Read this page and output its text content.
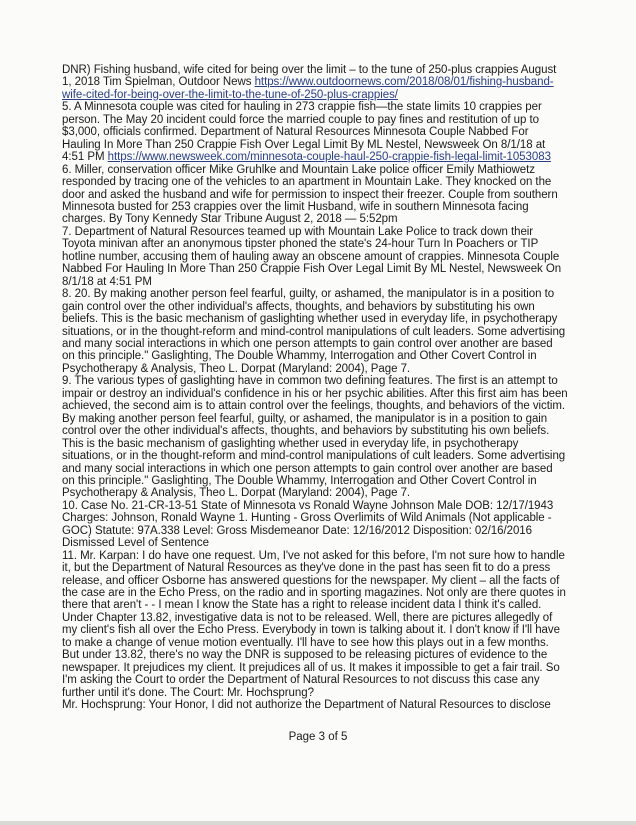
DNR) Fishing husband, wife cited for being over the limit – to the tune of 250-plus crappies August 1, 2018 Tim Spielman, Outdoor News https://www.outdoornews.com/2018/08/01/fishing-husband-wife-cited-for-being-over-the-limit-to-the-tune-of-250-plus-crappies/

5. A Minnesota couple was cited for hauling in 273 crappie fish—the state limits 10 crappies per person. The May 20 incident could force the married couple to pay fines and restitution of up to $3,000, officials confirmed. Department of Natural Resources Minnesota Couple Nabbed For Hauling In More Than 250 Crappie Fish Over Legal Limit By ML Nestel, Newsweek On 8/1/18 at 4:51 PM https://www.newsweek.com/minnesota-couple-haul-250-crappie-fish-legal-limit-1053083

6. Miller, conservation officer Mike Gruhlke and Mountain Lake police officer Emily Mathiowetz responded by tracing one of the vehicles to an apartment in Mountain Lake. They knocked on the door and asked the husband and wife for permission to inspect their freezer. Couple from southern Minnesota busted for 253 crappies over the limit Husband, wife in southern Minnesota facing charges. By Tony Kennedy Star Tribune August 2, 2018 — 5:52pm

7. Department of Natural Resources teamed up with Mountain Lake Police to track down their Toyota minivan after an anonymous tipster phoned the state's 24-hour Turn In Poachers or TIP hotline number, accusing them of hauling away an obscene amount of crappies. Minnesota Couple Nabbed For Hauling In More Than 250 Crappie Fish Over Legal Limit By ML Nestel, Newsweek On 8/1/18 at 4:51 PM

8. 20. By making another person feel fearful, guilty, or ashamed, the manipulator is in a position to gain control over the other individual's affects, thoughts, and behaviors by substituting his own beliefs. This is the basic mechanism of gaslighting whether used in everyday life, in psychotherapy situations, or in the thought-reform and mind-control manipulations of cult leaders. Some advertising and many social interactions in which one person attempts to gain control over another are based on this principle." Gaslighting, The Double Whammy, Interrogation and Other Covert Control in Psychotherapy & Analysis, Theo L. Dorpat (Maryland: 2004), Page 7.

9. The various types of gaslighting have in common two defining features. The first is an attempt to impair or destroy an individual's confidence in his or her psychic abilities. After this first aim has been achieved, the second aim is to attain control over the feelings, thoughts, and behaviors of the victim. By making another person feel fearful, guilty, or ashamed, the manipulator is in a position to gain control over the other individual's affects, thoughts, and behaviors by substituting his own beliefs. This is the basic mechanism of gaslighting whether used in everyday life, in psychotherapy situations, or in the thought-reform and mind-control manipulations of cult leaders. Some advertising and many social interactions in which one person attempts to gain control over another are based on this principle." Gaslighting, The Double Whammy, Interrogation and Other Covert Control in Psychotherapy & Analysis, Theo L. Dorpat (Maryland: 2004), Page 7.

10. Case No. 21-CR-13-51 State of Minnesota vs Ronald Wayne Johnson Male DOB: 12/17/1943 Charges: Johnson, Ronald Wayne 1. Hunting - Gross Overlimits of Wild Animals (Not applicable - GOC) Statute: 97A.338 Level: Gross Misdemeanor Date: 12/16/2012 Disposition: 02/16/2016 Dismissed Level of Sentence

11. Mr. Karpan: I do have one request. Um, I've not asked for this before, I'm not sure how to handle it, but the Department of Natural Resources as they've done in the past has seen fit to do a press release, and officer Osborne has answered questions for the newspaper. My client – all the facts of the case are in the Echo Press, on the radio and in sporting magazines. Not only are there quotes in there that aren't - - I mean I know the State has a right to release incident data I think it's called. Under Chapter 13.82, investigative data is not to be released. Well, there are pictures allegedly of my client's fish all over the Echo Press. Everybody in town is talking about it. I don't know if I'll have to make a change of venue motion eventually. I'll have to see how this plays out in a few months. But under 13.82, there's no way the DNR is supposed to be releasing pictures of evidence to the newspaper. It prejudices my client. It prejudices all of us. It makes it impossible to get a fair trail. So I'm asking the Court to order the Department of Natural Resources to not discuss this case any further until it's done. The Court: Mr. Hochsprung?

Mr. Hochsprung: Your Honor, I did not authorize the Department of Natural Resources to disclose

Page 3 of 5
